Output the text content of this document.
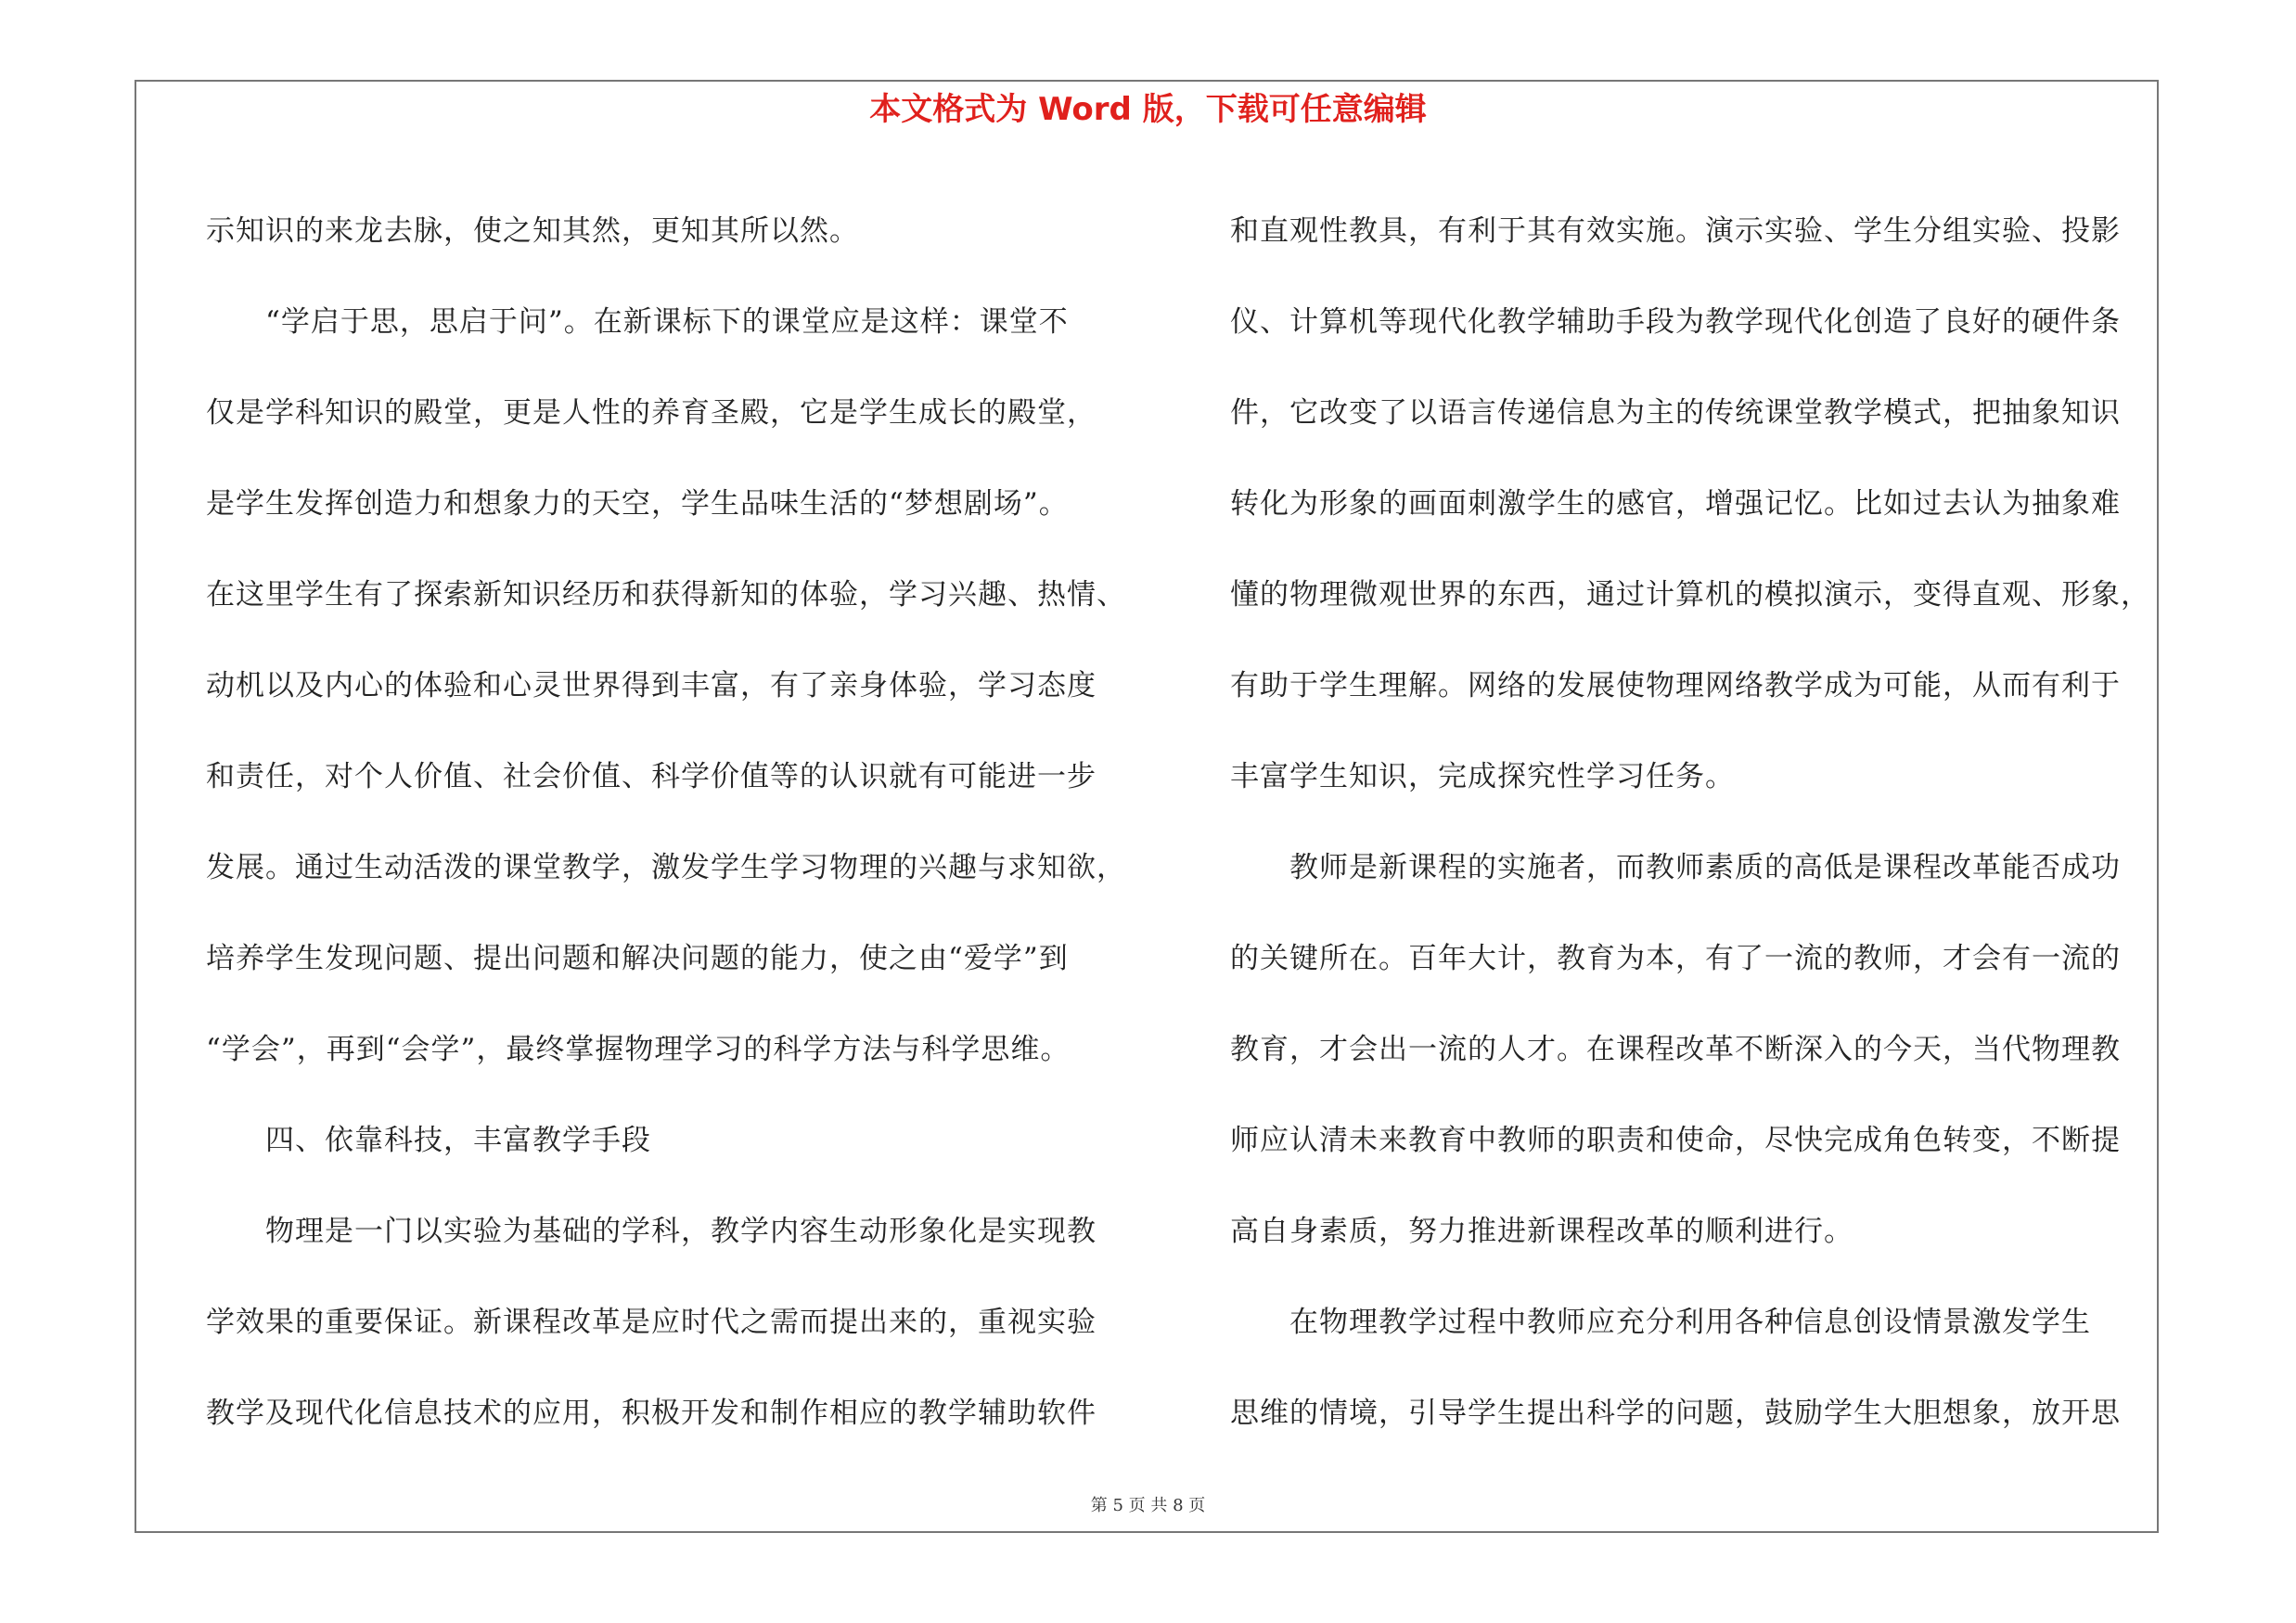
本文格式为 Word 版，下载可任意编辑

示知识的来龙去脉，使之知其然，更知其所以然。

　　“学启于思，思启于问”。在新课标下的课堂应是这样：课堂不

仅是学科知识的殿堂，更是人性的养育圣殿，它是学生成长的殿堂，

是学生发挥创造力和想象力的天空，学生品味生活的“梦想剧场”。

在这里学生有了探索新知识经历和获得新知的体验，学习兴趣、热情、

动机以及内心的体验和心灵世界得到丰富，有了亲身体验，学习态度

和责任，对个人价值、社会价值、科学价值等的认识就有可能进一步

发展。通过生动活泼的课堂教学，激发学生学习物理的兴趣与求知欲，

培养学生发现问题、提出问题和解决问题的能力，使之由“爱学”到

“学会”，再到“会学”，最终掌握物理学习的科学方法与科学思维。

　　四、依靠科技，丰富教学手段

　　物理是一门以实验为基础的学科，教学内容生动形象化是实现教

学效果的重要保证。新课程改革是应时代之需而提出来的，重视实验

教学及现代化信息技术的应用，积极开发和制作相应的教学辅助软件

和直观性教具，有利于其有效实施。演示实验、学生分组实验、投影

仪、计算机等现代化教学辅助手段为教学现代化创造了良好的硬件条

件，它改变了以语言传递信息为主的传统课堂教学模式，把抽象知识

转化为形象的画面刺激学生的感官，增强记忆。比如过去认为抽象难

懂的物理微观世界的东西，通过计算机的模拟演示，变得直观、形象，

有助于学生理解。网络的发展使物理网络教学成为可能，从而有利于

丰富学生知识，完成探究性学习任务。

　　教师是新课程的实施者，而教师素质的高低是课程改革能否成功

的关键所在。百年大计，教育为本，有了一流的教师，才会有一流的

教育，才会出一流的人才。在课程改革不断深入的今天，当代物理教

师应认清未来教育中教师的职责和使命，尽快完成角色转变，不断提

高自身素质，努力推进新课程改革的顺利进行。

　　在物理教学过程中教师应充分利用各种信息创设情景激发学生

思维的情境，引导学生提出科学的问题，鼓励学生大胆想象，放开思

第 5 页 共 8 页
